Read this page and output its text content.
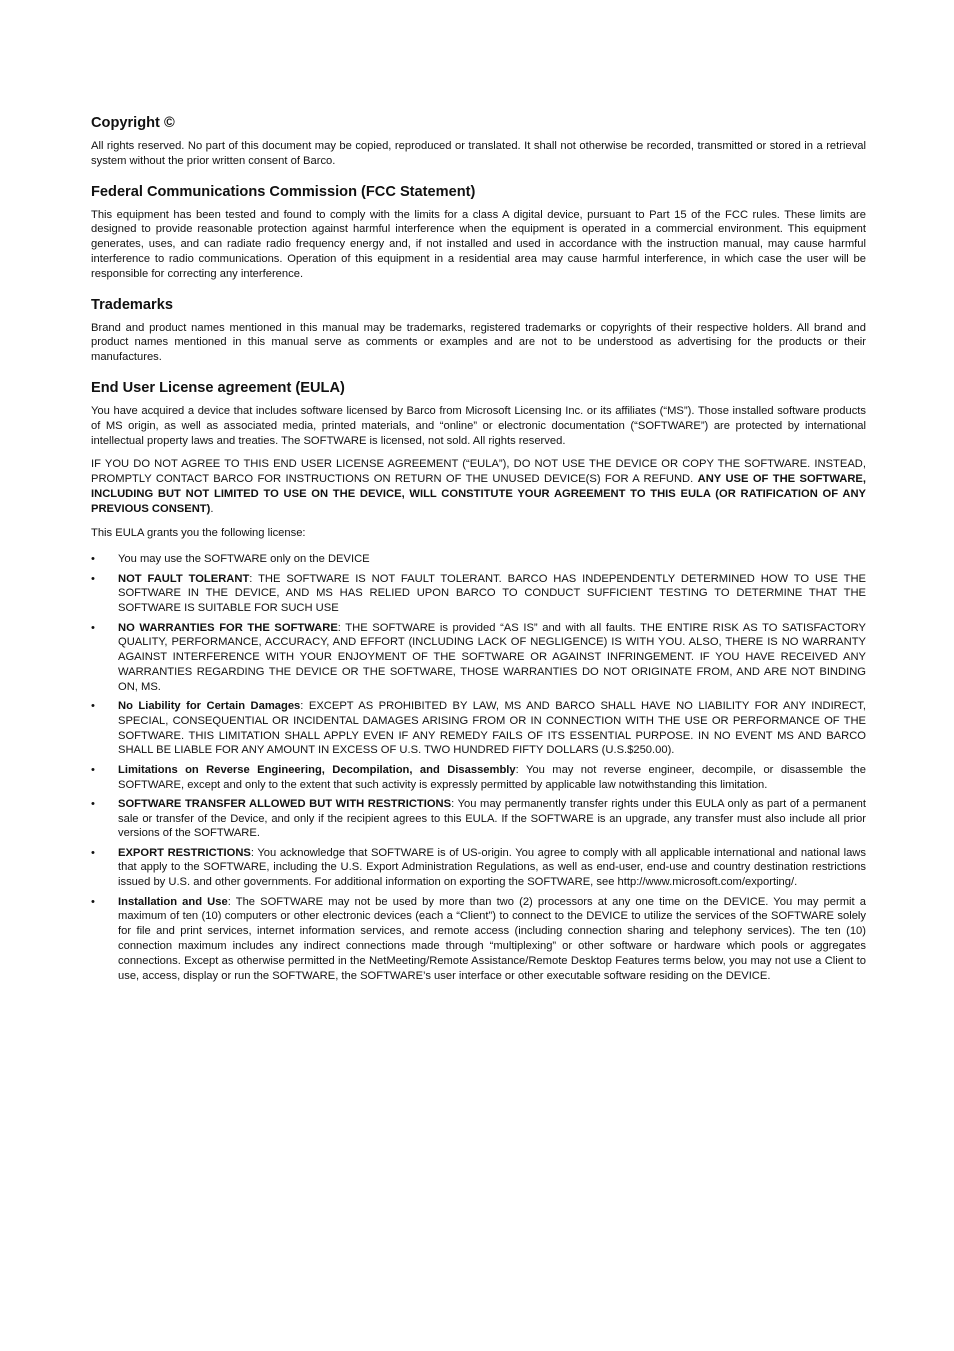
Copyright ©

All rights reserved. No part of this document may be copied, reproduced or translated. It shall not otherwise be recorded, transmitted or stored in a retrieval system without the prior written consent of Barco.

Federal Communications Commission (FCC Statement)

This equipment has been tested and found to comply with the limits for a class A digital device, pursuant to Part 15 of the FCC rules. These limits are designed to provide reasonable protection against harmful interference when the equipment is operated in a commercial environment. This equipment generates, uses, and can radiate radio frequency energy and, if not installed and used in accordance with the instruction manual, may cause harmful interference to radio communications. Operation of this equipment in a residential area may cause harmful interference, in which case the user will be responsible for correcting any interference.

Trademarks

Brand and product names mentioned in this manual may be trademarks, registered trademarks or copyrights of their respective holders. All brand and product names mentioned in this manual serve as comments or examples and are not to be understood as advertising for the products or their manufactures.

End User License agreement (EULA)

You have acquired a device that includes software licensed by Barco from Microsoft Licensing Inc. or its affiliates (“MS”). Those installed software products of MS origin, as well as associated media, printed materials, and “online” or electronic documentation (“SOFTWARE”) are protected by international intellectual property laws and treaties. The SOFTWARE is licensed, not sold. All rights reserved.

IF YOU DO NOT AGREE TO THIS END USER LICENSE AGREEMENT (“EULA”), DO NOT USE THE DEVICE OR COPY THE SOFTWARE. INSTEAD, PROMPTLY CONTACT BARCO FOR INSTRUCTIONS ON RETURN OF THE UNUSED DEVICE(S) FOR A REFUND. ANY USE OF THE SOFTWARE, INCLUDING BUT NOT LIMITED TO USE ON THE DEVICE, WILL CONSTITUTE YOUR AGREEMENT TO THIS EULA (OR RATIFICATION OF ANY PREVIOUS CONSENT).

This EULA grants you the following license:

• You may use the SOFTWARE only on the DEVICE
• NOT FAULT TOLERANT: THE SOFTWARE IS NOT FAULT TOLERANT. BARCO HAS INDEPENDENTLY DETERMINED HOW TO USE THE SOFTWARE IN THE DEVICE, AND MS HAS RELIED UPON BARCO TO CONDUCT SUFFICIENT TESTING TO DETERMINE THAT THE SOFTWARE IS SUITABLE FOR SUCH USE
• NO WARRANTIES FOR THE SOFTWARE: THE SOFTWARE is provided “AS IS” and with all faults. THE ENTIRE RISK AS TO SATISFACTORY QUALITY, PERFORMANCE, ACCURACY, AND EFFORT (INCLUDING LACK OF NEGLIGENCE) IS WITH YOU. ALSO, THERE IS NO WARRANTY AGAINST INTERFERENCE WITH YOUR ENJOYMENT OF THE SOFTWARE OR AGAINST INFRINGEMENT. IF YOU HAVE RECEIVED ANY WARRANTIES REGARDING THE DEVICE OR THE SOFTWARE, THOSE WARRANTIES DO NOT ORIGINATE FROM, AND ARE NOT BINDING ON, MS.
• No Liability for Certain Damages: EXCEPT AS PROHIBITED BY LAW, MS AND BARCO SHALL HAVE NO LIABILITY FOR ANY INDIRECT, SPECIAL, CONSEQUENTIAL OR INCIDENTAL DAMAGES ARISING FROM OR IN CONNECTION WITH THE USE OR PERFORMANCE OF THE SOFTWARE. THIS LIMITATION SHALL APPLY EVEN IF ANY REMEDY FAILS OF ITS ESSENTIAL PURPOSE. IN NO EVENT MS AND BARCO SHALL BE LIABLE FOR ANY AMOUNT IN EXCESS OF U.S. TWO HUNDRED FIFTY DOLLARS (U.S.$250.00).
• Limitations on Reverse Engineering, Decompilation, and Disassembly: You may not reverse engineer, decompile, or disassemble the SOFTWARE, except and only to the extent that such activity is expressly permitted by applicable law notwithstanding this limitation.
• SOFTWARE TRANSFER ALLOWED BUT WITH RESTRICTIONS: You may permanently transfer rights under this EULA only as part of a permanent sale or transfer of the Device, and only if the recipient agrees to this EULA. If the SOFTWARE is an upgrade, any transfer must also include all prior versions of the SOFTWARE.
• EXPORT RESTRICTIONS: You acknowledge that SOFTWARE is of US-origin. You agree to comply with all applicable international and national laws that apply to the SOFTWARE, including the U.S. Export Administration Regulations, as well as end-user, end-use and country destination restrictions issued by U.S. and other governments. For additional information on exporting the SOFTWARE, see http://www.microsoft.com/exporting/.
• Installation and Use: The SOFTWARE may not be used by more than two (2) processors at any one time on the DEVICE. You may permit a maximum of ten (10) computers or other electronic devices (each a “Client”) to connect to the DEVICE to utilize the services of the SOFTWARE solely for file and print services, internet information services, and remote access (including connection sharing and telephony services). The ten (10) connection maximum includes any indirect connections made through “multiplexing” or other software or hardware which pools or aggregates connections. Except as otherwise permitted in the NetMeeting/Remote Assistance/Remote Desktop Features terms below, you may not use a Client to use, access, display or run the SOFTWARE, the SOFTWARE’s user interface or other executable software residing on the DEVICE.
